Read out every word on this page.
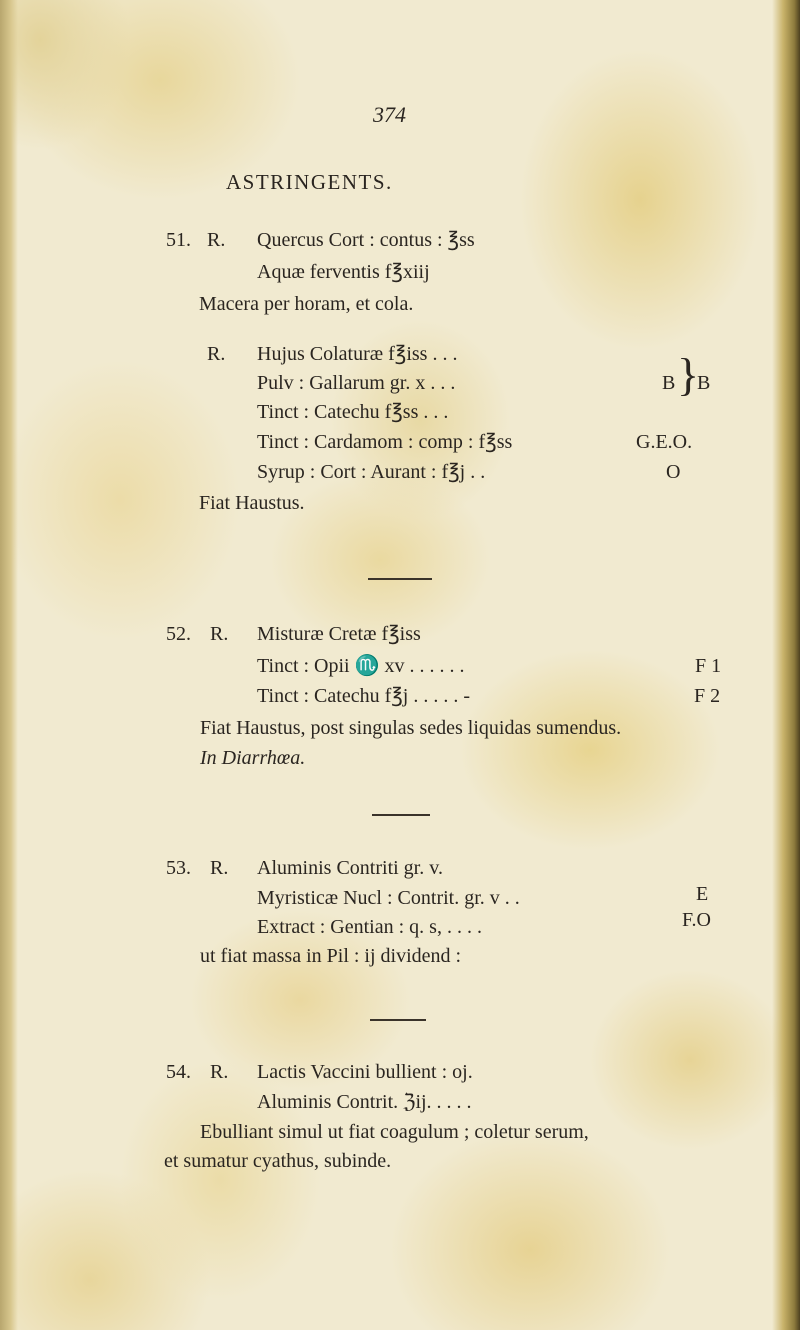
374
ASTRINGENTS.
51. R. Quercus Cort : contus : ℥ss
Aquæ ferventis f℥xiij
Macera per horam, et cola.
R. Hujus Colaturæ f℥iss . . .
Pulv : Gallarum gr. x . . .
Tinct : Catechu f℥ss . . .
Tinct : Cardamom : comp : f℥ss
Syrup : Cort : Aurant : f℥j . .
Fiat Haustus.
B }
B
G.E.O.
O
52. R. Misturæ Cretæ f℥iss
Tinct : Opii ♏ xv . . . . . .
Tinct : Catechu f℥j . . . . . -
Fiat Haustus, post singulas sedes liquidas sumendus.
In Diarrhœa.
F 1
F 2
53. R. Aluminis Contriti gr. v.
Myristicæ Nucl : Contrit. gr. v . .
Extract : Gentian : q. s, . . . .
ut fiat massa in Pil : ij dividend :
E
F.O
54. R. Lactis Vaccini bullient : oj.
Aluminis Contrit. ℨij. . . . .
Ebulliant simul ut fiat coagulum ; coletur serum,
et sumatur cyathus, subinde.
